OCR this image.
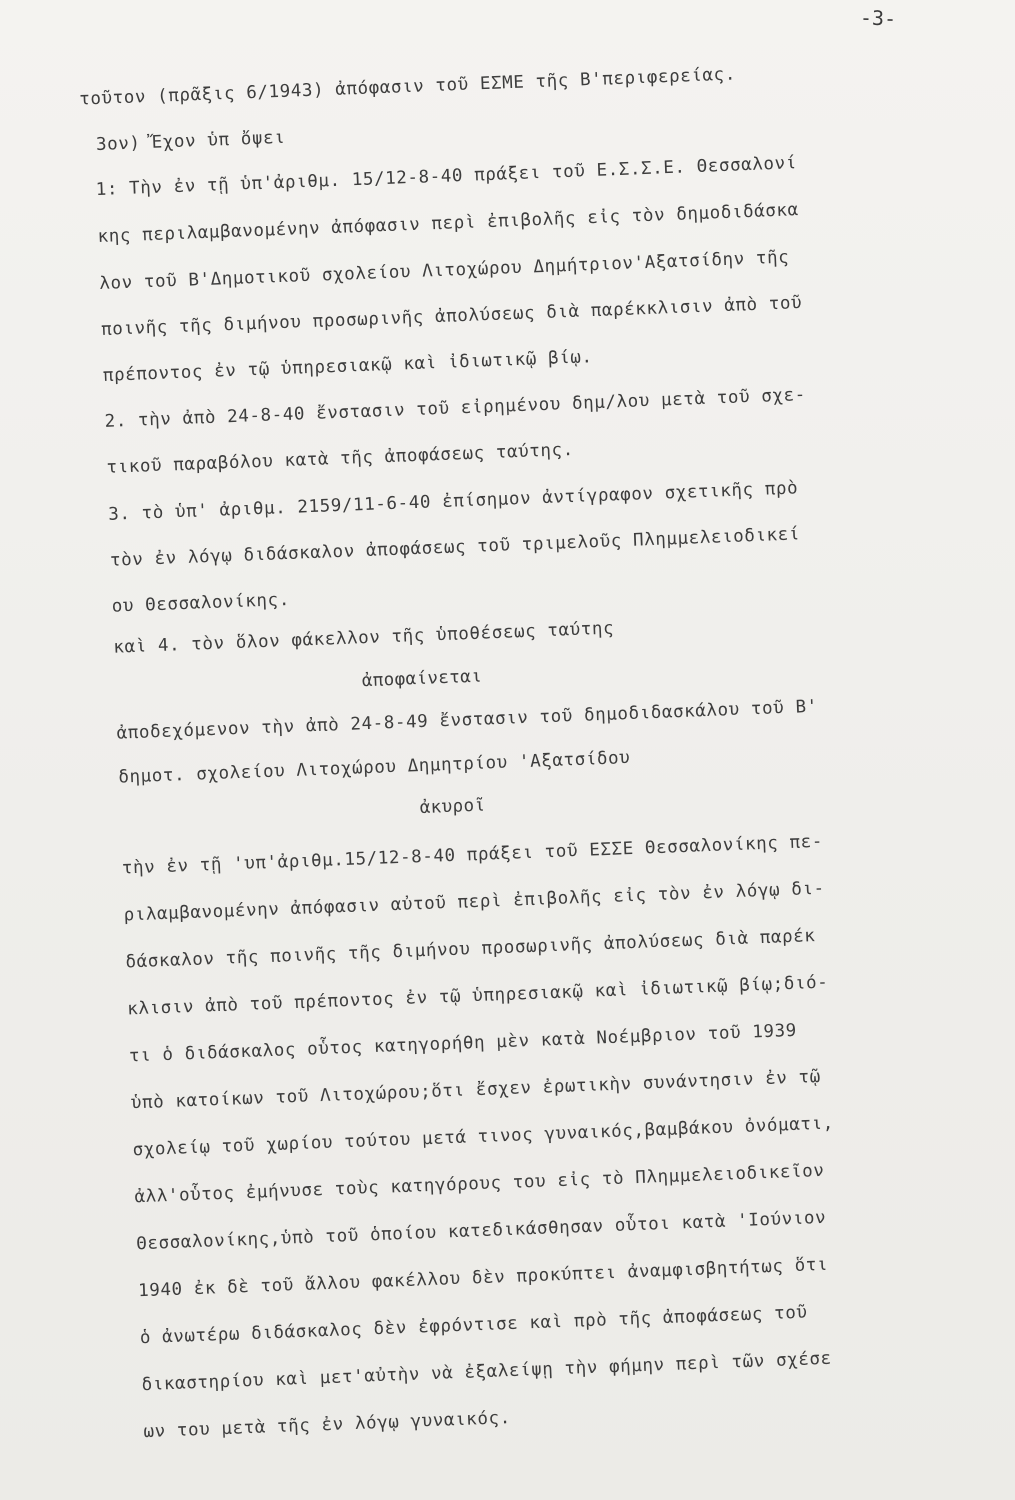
-3-

τοῦτον (πρᾶξις 6/1943) ἀπόφασιν τοῦ ΕΣΜΕ τῆς Β'περιφερείας.

3ον) Ἔχον ὑπ ὄψει

1: Τὴν ἐν τῇ ὑπ'ἀριθμ. 15/12-8-40 πράξει τοῦ Ε.Σ.Σ.Ε. Θεσσαλονί

κης περιλαμβανομένην ἀπόφασιν περὶ ἐπιβολῆς εἰς τὸν δημοδιδάσκα

λον τοῦ Β'Δημοτικοῦ σχολείου Λιτοχώρου Δημήτριον'Αξατσίδην τῆς

ποινῆς τῆς διμήνου προσωρινῆς ἀπολύσεως διὰ παρέκκλισιν ἀπὸ τοῦ

πρέποντος ἐν τῷ ὑπηρεσιακῷ καὶ ἰδιωτικῷ βίῳ.

2. τὴν ἀπὸ 24-8-40 ἔνστασιν τοῦ εἰρημένου δημ/λου μετὰ τοῦ σχε-

τικοῦ παραβόλου κατὰ τῆς ἀποφάσεως ταύτης.

3. τὸ ὑπ' ἀριθμ. 2159/11-6-40 ἐπίσημον ἀντίγραφον σχετικῆς πρὸ

τὸν ἐν λόγῳ διδάσκαλον ἀποφάσεως τοῦ τριμελοῦς Πλημμελειοδικεί

ου Θεσσαλονίκης.

καὶ 4. τὸν ὅλον φάκελλον τῆς ὑποθέσεως ταύτης

ἀποφαίνεται

ἀποδεχόμενον τὴν ἀπὸ 24-8-49 ἔνστασιν τοῦ δημοδιδασκάλου τοῦ Β'

δημοτ. σχολείου Λιτοχώρου Δημητρίου 'Αξατσίδου

ἀκυροῖ

τὴν ἐν τῇ 'υπ'ἀριθμ.15/12-8-40 πράξει τοῦ ΕΣΣΕ Θεσσαλονίκης πε-

ριλαμβανομένην ἀπόφασιν αὐτοῦ περὶ ἐπιβολῆς εἰς τὸν ἐν λόγῳ δι-

δάσκαλον τῆς ποινῆς τῆς διμήνου προσωρινῆς ἀπολύσεως διὰ παρέκ

κλισιν ἀπὸ τοῦ πρέποντος ἐν τῷ ὑπηρεσιακῷ καὶ ἰδιωτικῷ βίῳ;διό-

τι ὁ διδάσκαλος οὗτος κατηγορήθη μὲν κατὰ Νοέμβριον τοῦ 1939

ὑπὸ κατοίκων τοῦ Λιτοχώρου;ὅτι ἔσχεν ἐρωτικὴν συνάντησιν ἐν τῷ

σχολείῳ τοῦ χωρίου τούτου μετά τινος γυναικός,βαμβάκου ὀνόματι,

ἀλλ'οὗτος ἐμήνυσε τοὺς κατηγόρους του εἰς τὸ Πλημμελειοδικεῖον

Θεσσαλονίκης,ὑπὸ τοῦ ὁποίου κατεδικάσθησαν οὗτοι κατὰ 'Ιούνιον

1940 ἐκ δὲ τοῦ ἄλλου φακέλλου δὲν προκύπτει ἀναμφισβητήτως ὅτι

ὁ ἀνωτέρω διδάσκαλος δὲν ἐφρόντισε καὶ πρὸ τῆς ἀποφάσεως τοῦ

δικαστηρίου καὶ μετ'αὐτὴν νὰ ἐξαλείψῃ τὴν φήμην περὶ τῶν σχέσε

ων του μετὰ τῆς ἐν λόγῳ γυναικός.
